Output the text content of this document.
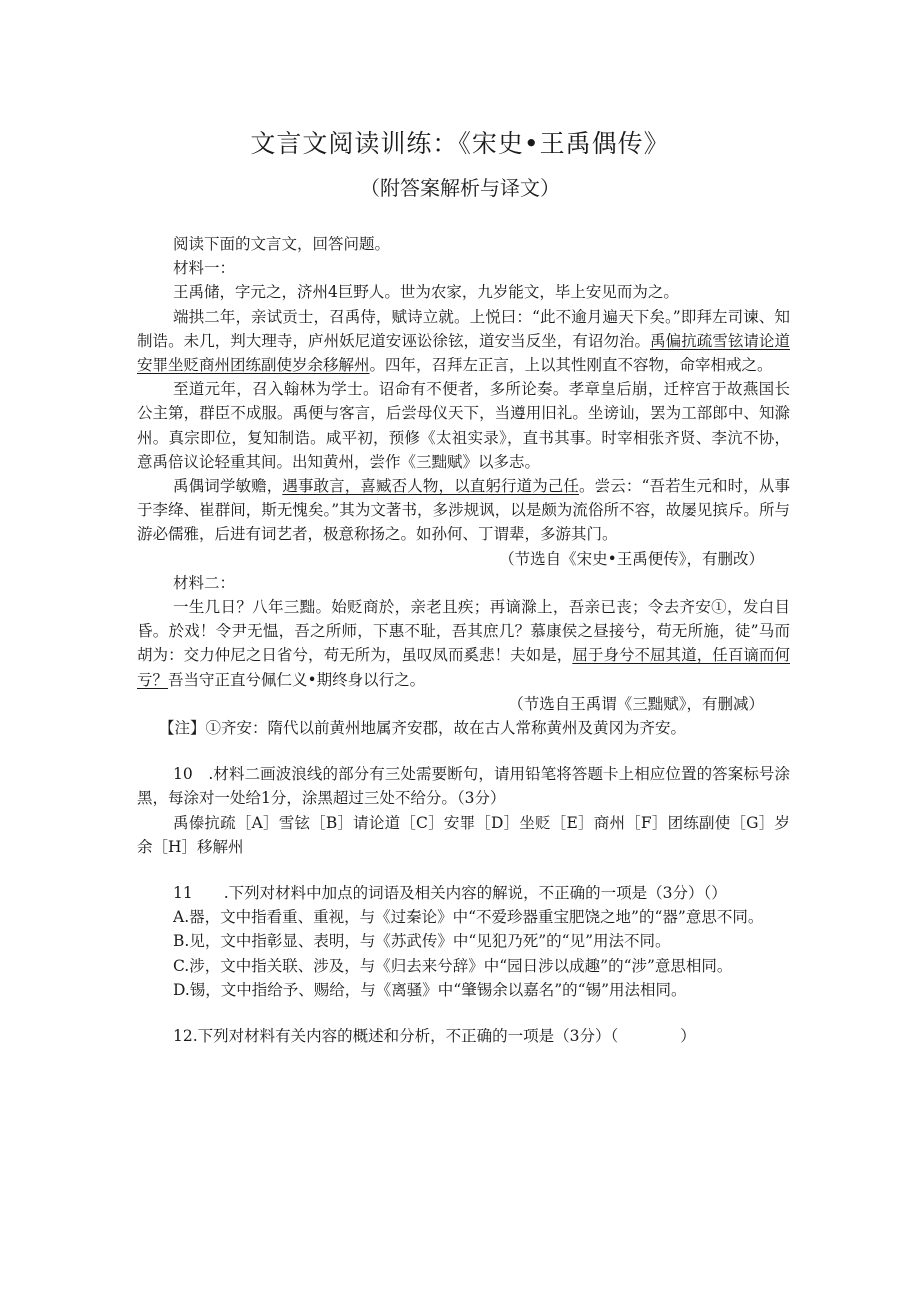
文言文阅读训练：《宋史•王禹偶传》
（附答案解析与译文）

阅读下面的文言文，回答问题。

材料一：

王禹储，字元之，济州4巨野人。世为农家，九岁能文，毕上安见而为之。

端拱二年，亲试贡士，召禹侍，赋诗立就。上悦曰：“此不逾月遍天下矣。”即拜左司谏、知制诰。未几，判大理寺，庐州妖尼道安诬讼徐铉，道安当反坐，有诏勿治。禹偏抗疏雪铉请论道安罪坐贬商州团练副使岁余移解州。四年，召拜左正言，上以其性刚直不容物，命宰相戒之。

至道元年，召入翰林为学士。诏命有不便者，多所论奏。孝章皇后崩，迁梓宫于故燕国长公主第，群臣不成服。禹便与客言，后尝母仪天下，当遵用旧礼。坐谤讪，罢为工部郎中、知滁州。真宗即位，复知制诰。咸平初，预修《太祖实录》，直书其事。时宰相张齐贤、李沆不协，意禹倍议论轻重其间。出知黄州，尝作《三黜赋》以多志。

禹偶词学敏赡，遇事敢言，喜臧否人物，以直躬行道为己任。尝云：“吾若生元和时，从事于李绛、崔群间，斯无愧矣。”其为文著书，多涉规讽，以是颇为流俗所不容，故屡见摈斥。所与游必儒雅，后进有词艺者，极意称扬之。如孙何、丁谓辈，多游其门。

（节选自《宋史•王禹便传》，有删改）

材料二：

一生几日？八年三黜。始贬商於，亲老且疾；再谪滁上，吾亲已丧；令去齐安①，发白目昏。於戏！令尹无愠，吾之所师，下惠不耻，吾其庶几？慕康侯之昼接兮，苟无所施，徒”马而胡为：交力仲尼之日省兮，苟无所为，虽叹凤而奚悲！夫如是，屈于身兮不屈其道，任百谪而何亏？吾当守正直兮佩仁义•期终身以行之。

（节选自王禹谓《三黜赋》，有删减）

【注】①齐安：隋代以前黄州地属齐安郡，故在古人常称黄州及黄冈为齐安。

10　.材料二画波浪线的部分有三处需要断句，请用铅笔将答题卡上相应位置的答案标号涂黑，每涂对一处给1分，涂黑超过三处不给分。（3分）

禹傣抗疏［A］雪铉［B］请论道［C］安罪［D］坐贬［E］商州［F］团练副使［G］岁余［H］移解州

11　　.下列对材料中加点的词语及相关内容的解说，不正确的一项是（3分）（）

A.器，文中指看重、重视，与《过秦论》中“不爱珍器重宝肥饶之地”的“器”意思不同。

B.见，文中指彰显、表明，与《苏武传》中“见犯乃死”的“见”用法不同。

C.涉，文中指关联、涉及，与《归去来兮辞》中“园日涉以成趣”的“涉”意思相同。

D.锡，文中指给予、赐给，与《离骚》中“肇锡余以嘉名”的“锡”用法相同。

12.下列对材料有关内容的概述和分析，不正确的一项是（3分）（　　　　）
